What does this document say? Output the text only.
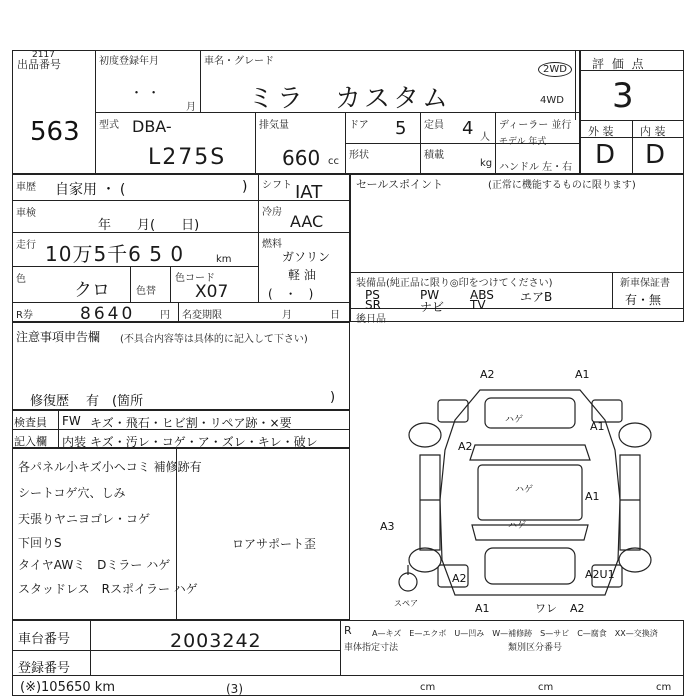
出品番号
2117
563
初度登録年月
・ ・
月
車名・グレード
ミラ　カスタム
2WD
4WD
評 価 点
3
外 装 内 装
D D
型式 DBA-
L275S
排気量
660 cc
ドア 5 定員 4 人
ディーラー 並行
モデル 年式
形状	積載
kg ハンドル 左・右
車歴 自家用 ・ (	)
車検
年　　月(　　日)
シフト IAT
冷房 AAC
走行 10万5千6 5 0	km
燃料
ガソリン
軽 油
(　・　)
色
クロ	色替
色コード
X07
R券	8640 円 名変期限	月	日
セールスポイント	(正常に機能するものに限ります)
装備品(純正品に限り◎印をつけてください)	新車保証書
有・無
後日品
PS	PW	ABS エアB
SR	ナビ TV
注意事項申告欄 (不具合内容等は具体的に記入して下さい)
修復歴 有　(箇所	)
検査員
記入欄
FW キズ・飛石・ヒビ割・リペア跡・×要
内装 キズ・汚レ・コゲ・ア・ズレ・キレ・破レ
各パネル小キズ小ヘコミ 補修跡有
シートコゲ穴、しみ
天張りヤニヨゴレ・コゲ
下回りS
タイヤAWミ　Dミラー ハゲ
スタッドレス　Rスポイラー ハゲ
ロアサポート歪
A2	A1
A2
A1
A1
A3
A2	A2U1
A1	A2
ワレ
ハゲ
ハゲ
ハゲ
スペア
車台番号	2003242
登録番号
(※)105650 km	(3)
R	A—キズ　E—エクボ　U—凹み　W—補修跡　S—サビ　C—腐食　XX—交換済
車体指定寸法	類別区分番号
cm	cm	cm
